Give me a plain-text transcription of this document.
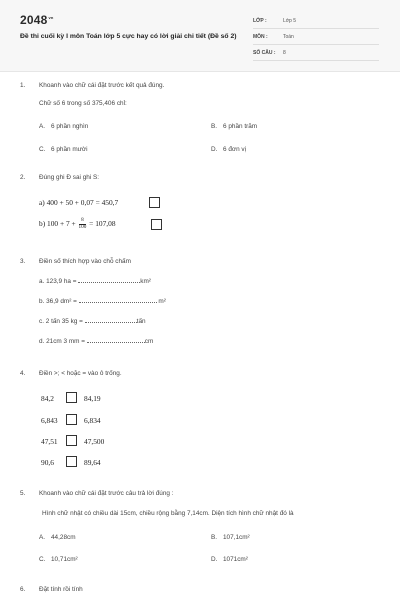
$2048^{vn}$
Đề thi cuối kỳ I môn Toán lớp 5 cực hay có lời giải chi tiết (Đề số 2)
LỚP :	Lớp 5
MÔN :	Toán
SỐ CÂU : 8
1. Khoanh vào chữ cái đặt trước kết quả đúng.
Chữ số 6 trong số 375,406 chỉ:
A. 6 phần nghìn	B. 6 phần trăm
C. 6 phần mười	D. 6 đơn vị
2. Đúng ghi Đ sai ghi S:
a) 400 + 50 + 0,07 = 450,7
b) $100 + 7 + \frac{8}{100} = 107,08$
3. Điền số thích hợp vào chỗ chấm
a. 123,9 ha =	km²
b. 36,9 dm² =	m²
c. 2 tấn 35 kg =	tấn
d. 21cm 3 mm =	cm
4. Điền >; < hoặc = vào ô trống.
84,2	84,19
6,843	6,834
47,51	47,500
90,6	89,64
5. Khoanh vào chữ cái đặt trước câu trả lời đúng :
Hình chữ nhật có chiều dài 15cm, chiều rộng bằng 7,14cm. Diện tích hình chữ nhật đó là
A. 44,28cm	B. 107,1cm²
C. 10,71cm²	D. 1071cm²
6. Đặt tính rồi tính
